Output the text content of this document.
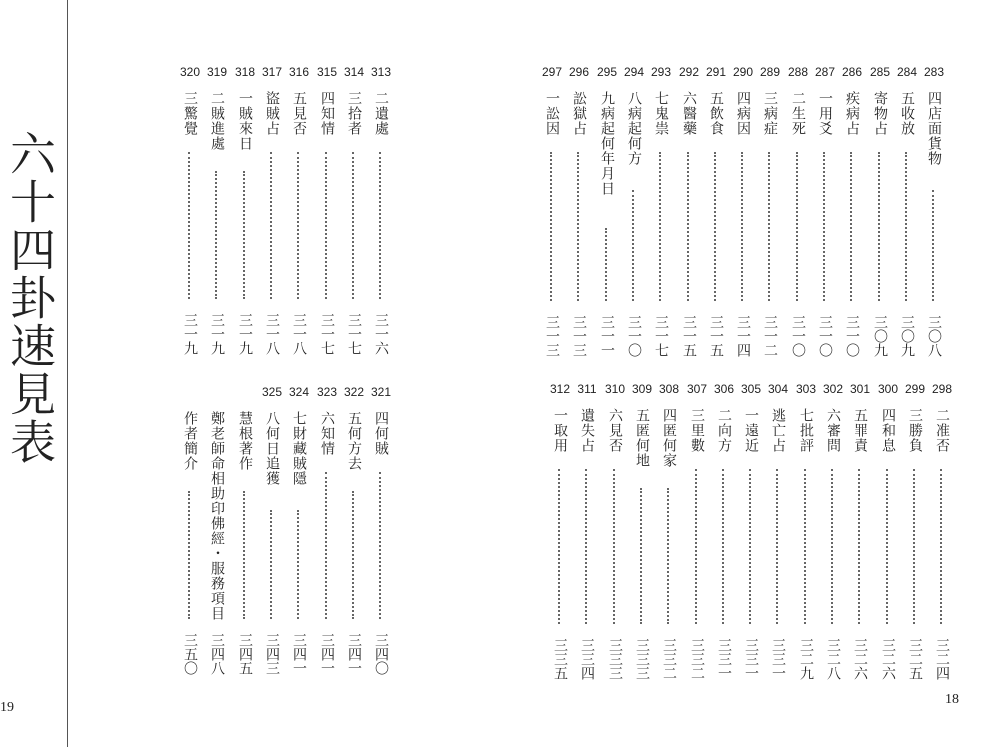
六十四卦速見表
19
18
320
三驚覺
三一九
319
二賊進處
三一九
318
一賊來日
三一九
317
盜賊占
三一八
316
五見否
三一八
315
四知情
三一七
314
三拾者
三一七
313
二遺處
三一六
作者簡介
三五〇
鄭老師命相助印佛經・服務項目
三四八
慧根著作
三四五
325
八何日追獲
三四三
324
七財藏賊隱
三四一
323
六知情
三四一
322
五何方去
三四一
321
四何賊
三四〇
297
一訟因
三一三
296
訟獄占
三一三
295
九病起何年月日
三一一
294
八病起何方
三一〇
293
七鬼祟
三一七
292
六醫藥
三一五
291
五飲食
三一五
290
四病因
三一四
289
三病症
三一二
288
二生死
三一〇
287
一用爻
三一〇
286
疾病占
三一〇
285
寄物占
三〇九
284
五收放
三〇九
283
四店面貨物
三〇八
312
一取用
三三五
311
遺失占
三三四
310
六見否
三三三
309
五匿何地
三三三
308
四匿何家
三三二
307
三里數
三三二
306
二向方
三三一
305
一遠近
三三一
304
逃亡占
三三一
303
七批評
三二九
302
六審問
三二八
301
五罪責
三二六
300
四和息
三二六
299
三勝負
三二五
298
二准否
三二四
